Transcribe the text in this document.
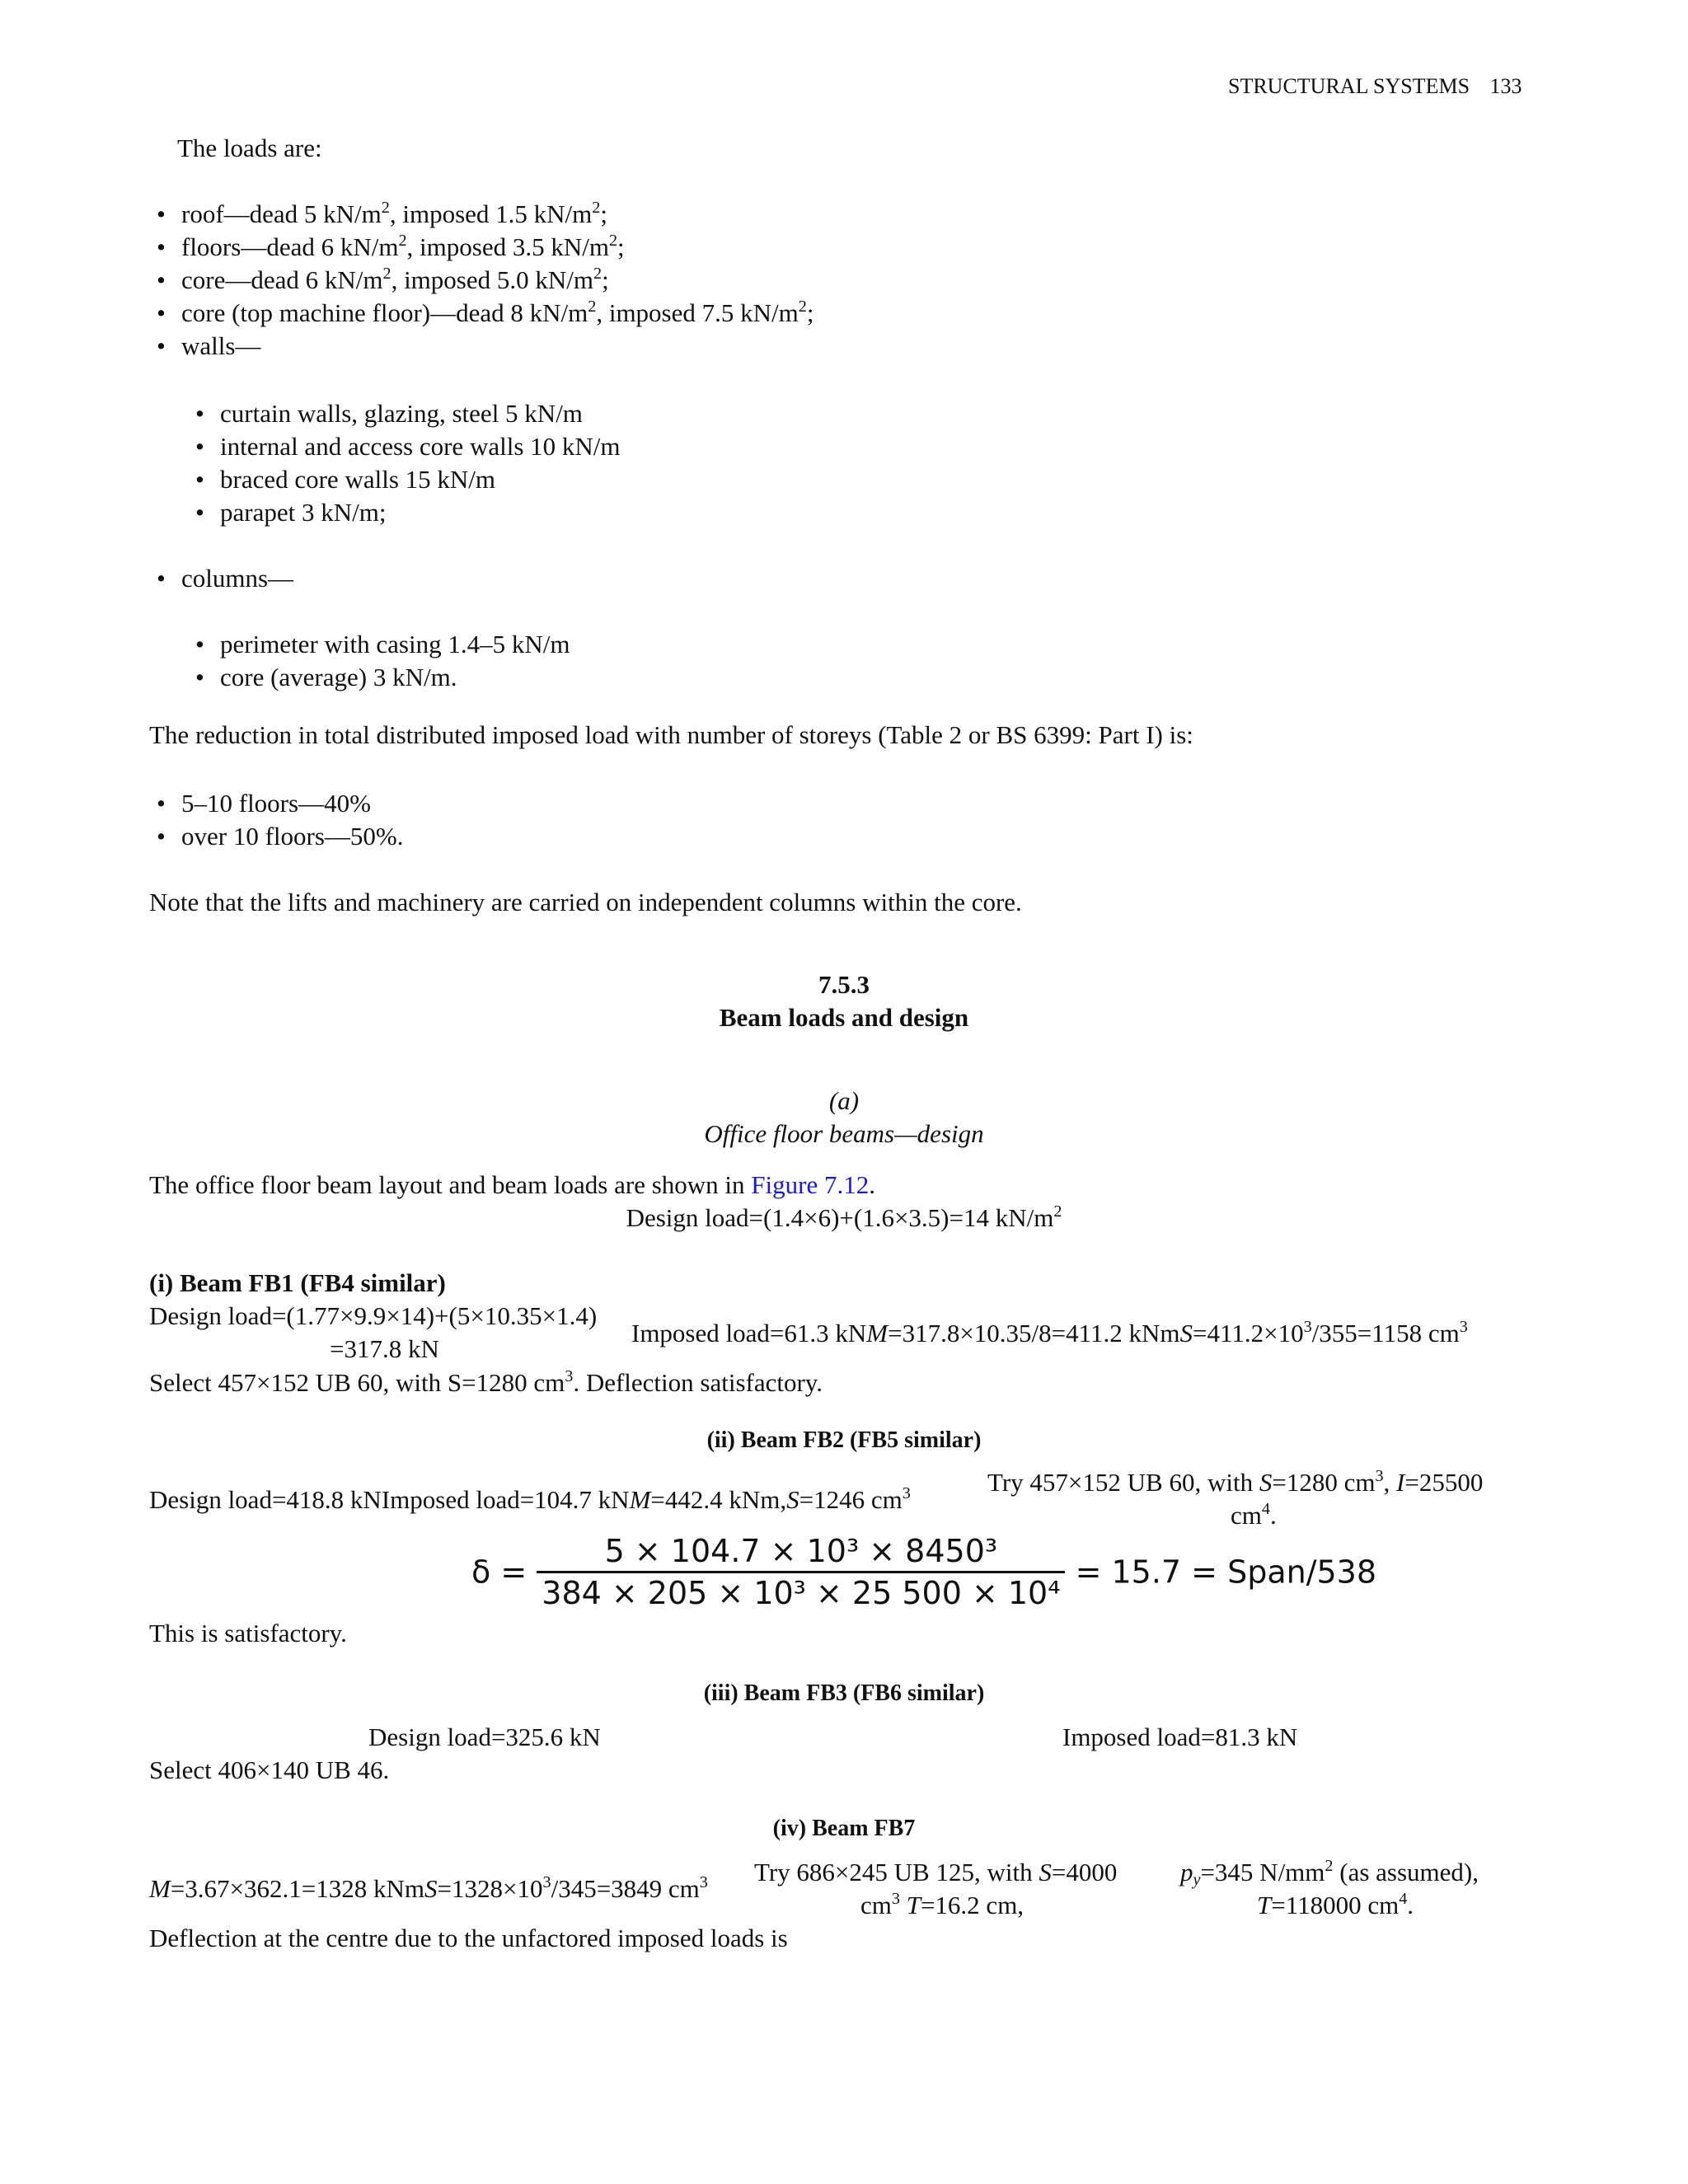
STRUCTURAL SYSTEMS 133
The loads are:
• roof—dead 5 $kN/m^2$, imposed 1.5 $kN/m^2$;
• floors—dead 6 $kN/m^2$, imposed 3.5 $kN/m^2$;
• core—dead 6 $kN/m^2$, imposed 5.0 $kN/m^2$;
• core (top machine floor)—dead 8 $kN/m^2$, imposed 7.5 $kN/m^2$;
• walls—
• curtain walls, glazing, steel 5 kN/m
• internal and access core walls 10 kN/m
• braced core walls 15 kN/m
• parapet 3 kN/m;
• columns—
• perimeter with casing 1.4–5 kN/m
• core (average) 3 kN/m.
The reduction in total distributed imposed load with number of storeys (Table 2 or BS 6399: Part I) is:
• 5–10 floors—40%
• over 10 floors—50%.
Note that the lifts and machinery are carried on independent columns within the core.
7.5.3
Beam loads and design
(a)
Office floor beams—design
The office floor beam layout and beam loads are shown in Figure 7.12.
Design load=(1.4×6)+(1.6×3.5)=14 $kN/m^2$
(i) Beam FB1 (FB4 similar)
Design load=(1.77×9.9×14)+(5×10.35×1.4)
=317.8 kN
Imposed load=61.3 kNM=317.8×10.35/8=411.2 $kNmS=411.2\times 10^3/355=1158$ $cm^3$
Select 457×152 UB 60, with S=1280 $cm^3$. Deflection satisfactory.
(ii) Beam FB2 (FB5 similar)
Design load=418.8 kNImposed load=104.7 kNM=442.4 kNm,S=1246 $cm^3$	Try 457×152 UB 60, with S=1280 $cm^3$, I=25500
$cm^4$.
$\delta = \frac{\text{5 × 104.7 × 10³ × 8450³}}{\text{384 × 205 × 10³ × 25 500 × 10⁴}} = 15.7$ = Span/538
This is satisfactory.
(iii) Beam FB3 (FB6 similar)
Design load=325.6 kN	Imposed load=81.3 kN
Select 406×140 UB 46.
(iv) Beam FB7
M=3.67×362.1=1328 $kNmS=1328\times 10^3/345=3849$ $cm^3$ Try 686×245 UB 125, with S=4000
$cm^3$ T=16.2 cm,
$p_y=345$ $N/mm^2$ (as assumed),
T=118000 $cm^4$.
Deflection at the centre due to the unfactored imposed loads is
